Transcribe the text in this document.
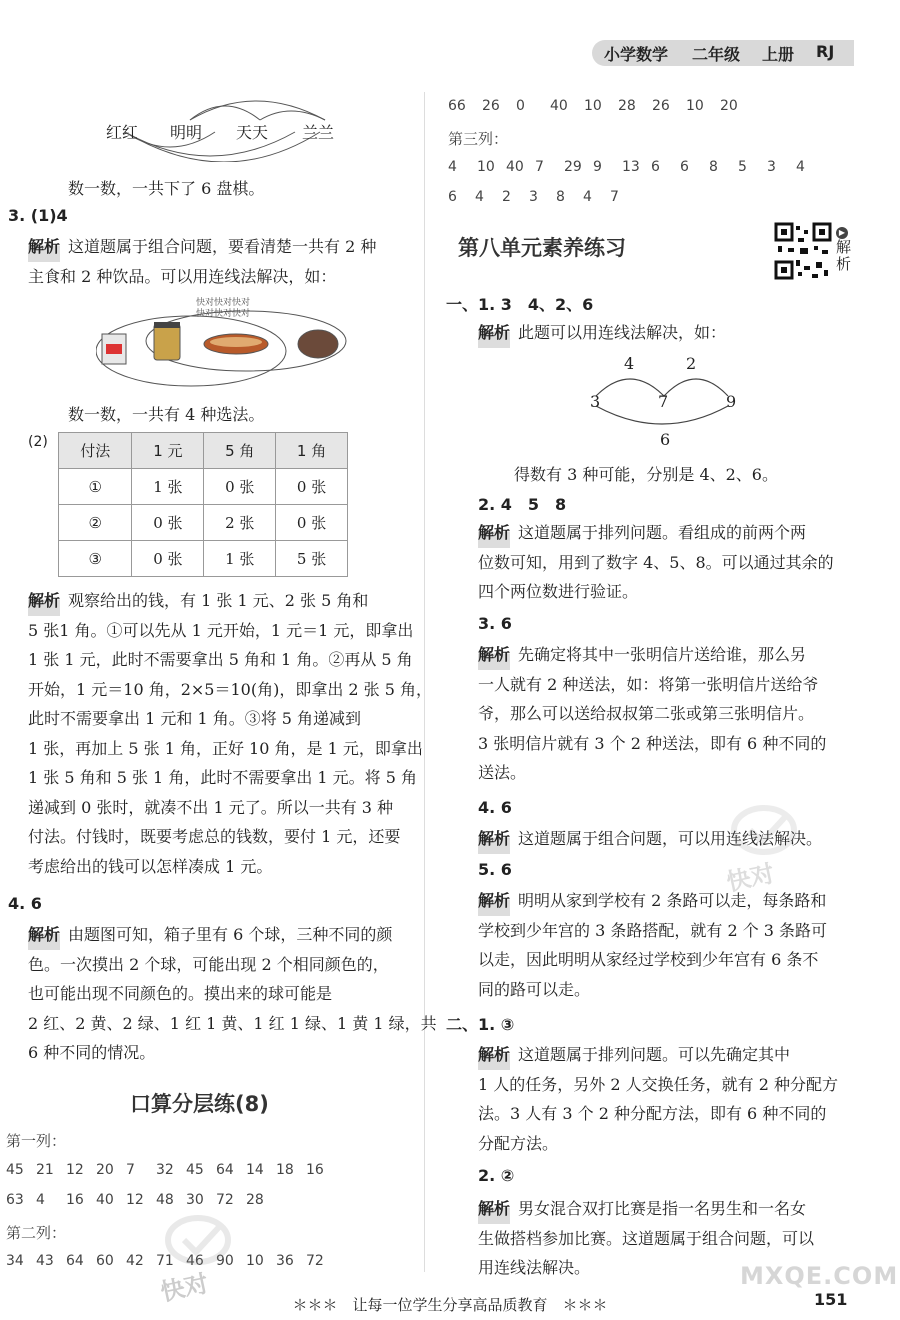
小学数学 二年级 上册 RJ
红红 明明 天天 兰兰
数一数，一共下了 6 盘棋。
3. (1)4
解析 这道题属于组合问题，要看清楚一共有 2 种
主食和 2 种饮品。可以用连线法解决，如：
快对快对快对
快对快对快对
数一数，一共有 4 种选法。
(2) 付法	1 元	5 角	1 角
①	1 张	0 张	0 张
②	0 张	2 张	0 张
③	0 张	1 张	5 张
解析 观察给出的钱，有 1 张 1 元、2 张 5 角和
5 张1 角。①可以先从 1 元开始，1 元＝1 元，即拿出
1 张 1 元，此时不需要拿出 5 角和 1 角。②再从 5 角
开始，1 元＝10 角，2×5＝10(角)，即拿出 2 张 5 角，
此时不需要拿出 1 元和 1 角。③将 5 角递减到
1 张，再加上 5 张 1 角，正好 10 角，是 1 元，即拿出
1 张 5 角和 5 张 1 角，此时不需要拿出 1 元。将 5 角
递减到 0 张时，就凑不出 1 元了。所以一共有 3 种
付法。付钱时，既要考虑总的钱数，要付 1 元，还要
考虑给出的钱可以怎样凑成 1 元。
4. 6
解析 由题图可知，箱子里有 6 个球，三种不同的颜
色。一次摸出 2 个球，可能出现 2 个相同颜色的，
也可能出现不同颜色的。摸出来的球可能是
2 红、2 黄、2 绿、1 红 1 黄、1 红 1 绿、1 黄 1 绿，共
6 种不同的情况。
口算分层练(8)
第一列：
45 21 12 20 7 32 45 64 14 18 16
63 4 16 40 12 48 30 72 28
第二列：
34 43 64 60 42 71 46 90 10 36 72
快对
66 26 0 40 10 28 26 10 20
第三列：
4 10 40 7 29 9 13 6 6 8 5 3 4
6 4 2 3 8 4 7
第八单元素养练习
▶ 解析
一、1. 3　4、2、6
解析 此题可以用连线法解决，如：
4	2
3	7	9
6
得数有 3 种可能，分别是 4、2、6。
2. 4　5　8
解析 这道题属于排列问题。看组成的前两个两
位数可知，用到了数字 4、5、8。可以通过其余的
四个两位数进行验证。
3. 6
解析 先确定将其中一张明信片送给谁，那么另
一人就有 2 种送法，如：将第一张明信片送给爷
爷，那么可以送给叔叔第二张或第三张明信片。
3 张明信片就有 3 个 2 种送法，即有 6 种不同的
送法。
4. 6
解析 这道题属于组合问题，可以用连线法解决。
5. 6
解析 明明从家到学校有 2 条路可以走，每条路和
学校到少年宫的 3 条路搭配，就有 2 个 3 条路可
以走，因此明明从家经过学校到少年宫有 6 条不
同的路可以走。
二、1. ③
解析 这道题属于排列问题。可以先确定其中
1 人的任务，另外 2 人交换任务，就有 2 种分配方
法。3 人有 3 个 2 种分配方法，即有 6 种不同的
分配方法。
2. ②
解析 男女混合双打比赛是指一名男生和一名女
生做搭档参加比赛。这道题属于组合问题，可以
用连线法解决。
快对
MXQE.COM
＊＊＊　让每一位学生分享高品质教育　＊＊＊	151
